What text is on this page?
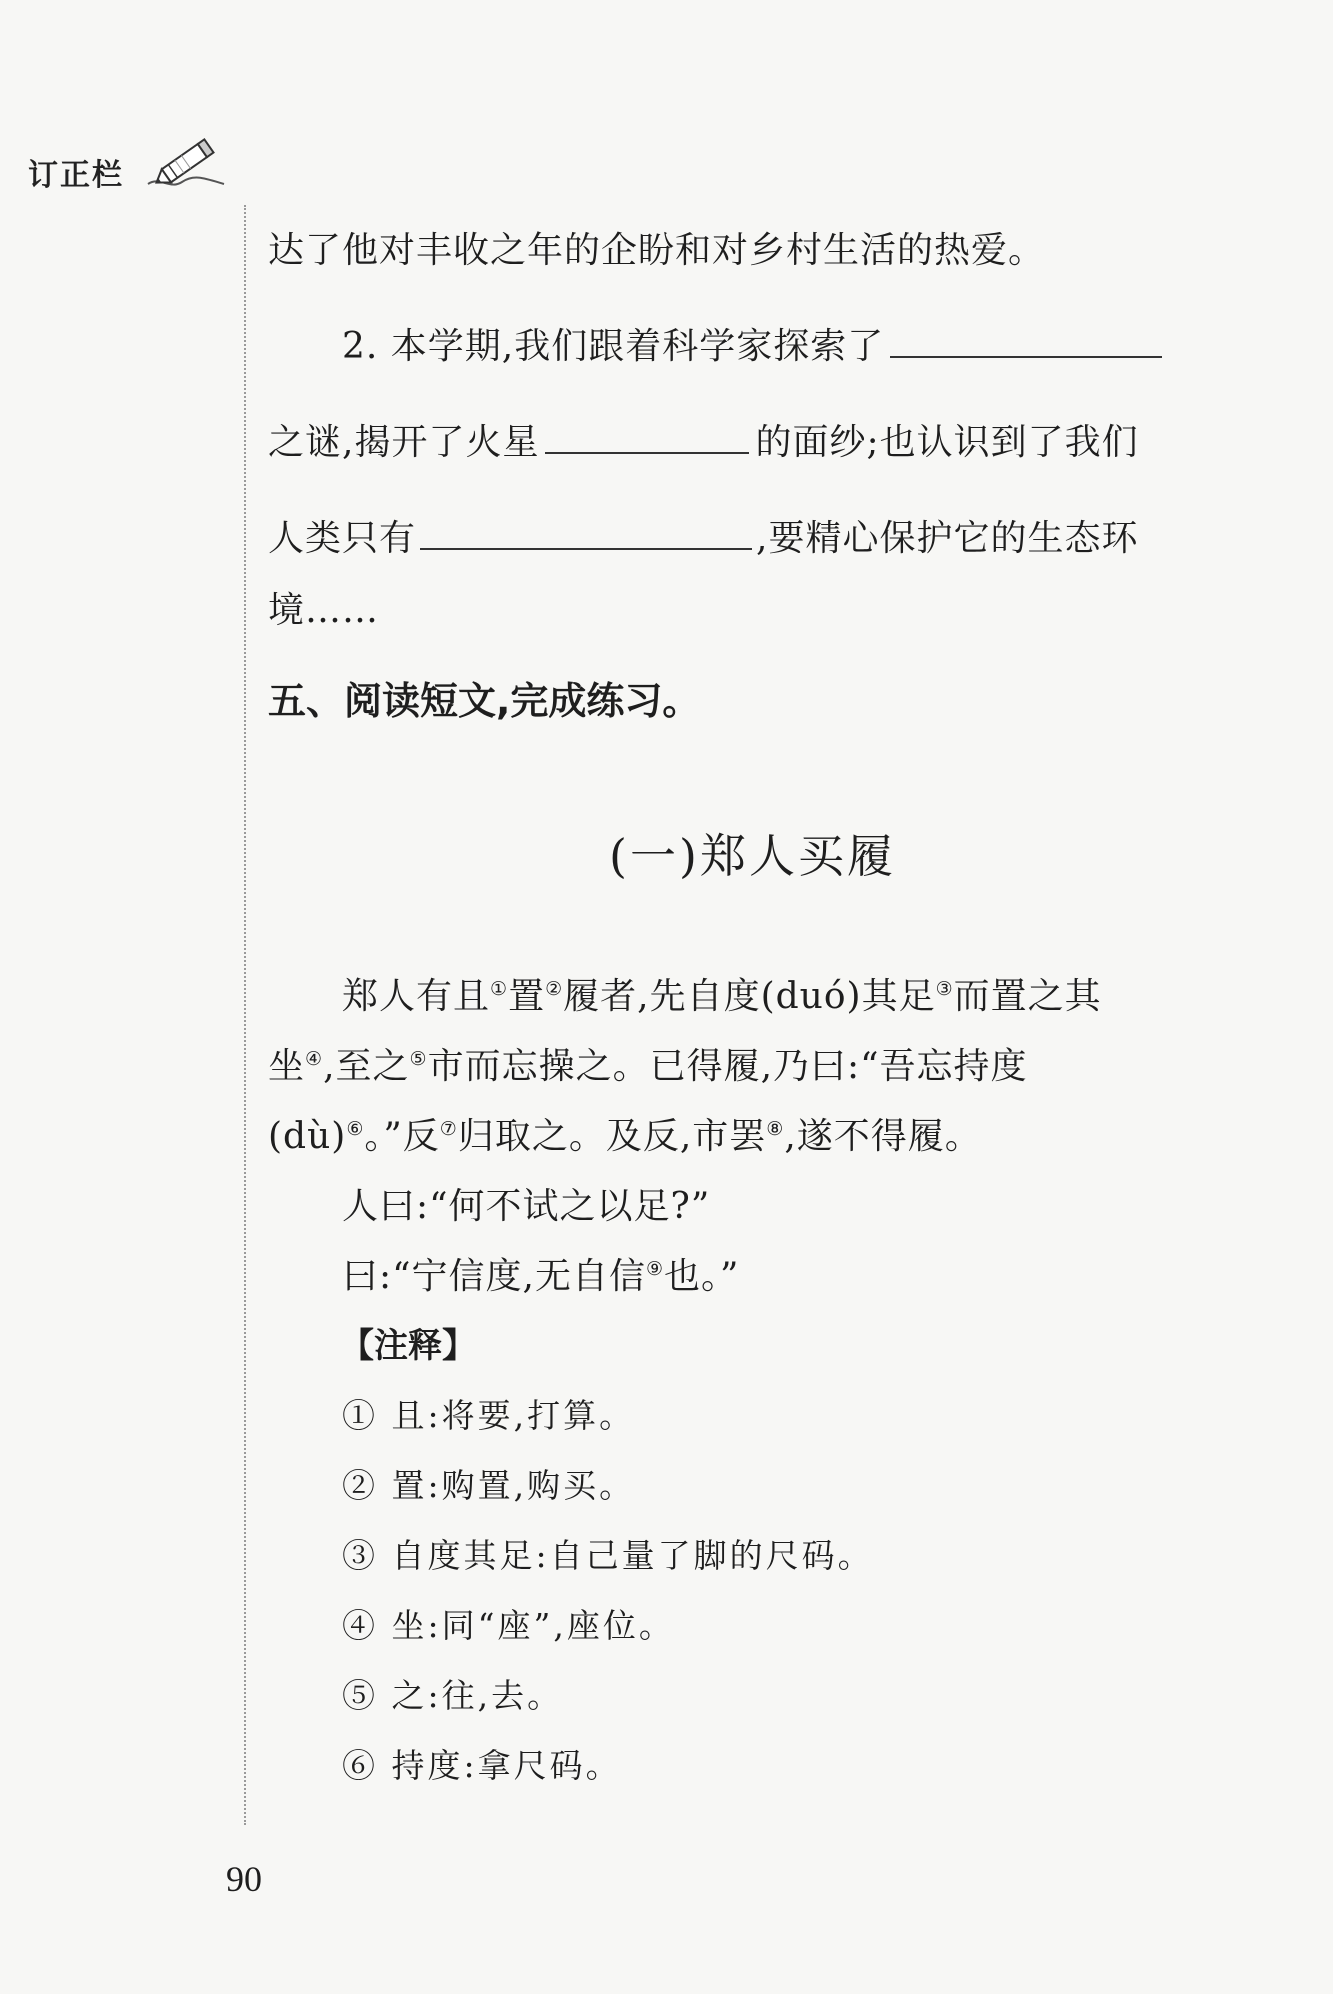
订正栏
达了他对丰收之年的企盼和对乡村生活的热爱。
2. 本学期,我们跟着科学家探索了
之谜,揭开了火星	的面纱;也认识到了我们
人类只有	,要精心保护它的生态环
境……
五、阅读短文,完成练习。
(一)郑人买履
郑人有且①置②履者,先自度(duó)其足③而置之其
坐④,至之⑤市而忘操之。已得履,乃曰:“吾忘持度
(dù)⑥。”反⑦归取之。及反,市罢⑧,遂不得履。
人曰:“何不试之以足?”
曰:“宁信度,无自信⑨也。”
【注释】
① 且:将要,打算。
② 置:购置,购买。
③ 自度其足:自己量了脚的尺码。
④ 坐:同“座”,座位。
⑤ 之:往,去。
⑥ 持度:拿尺码。
90
